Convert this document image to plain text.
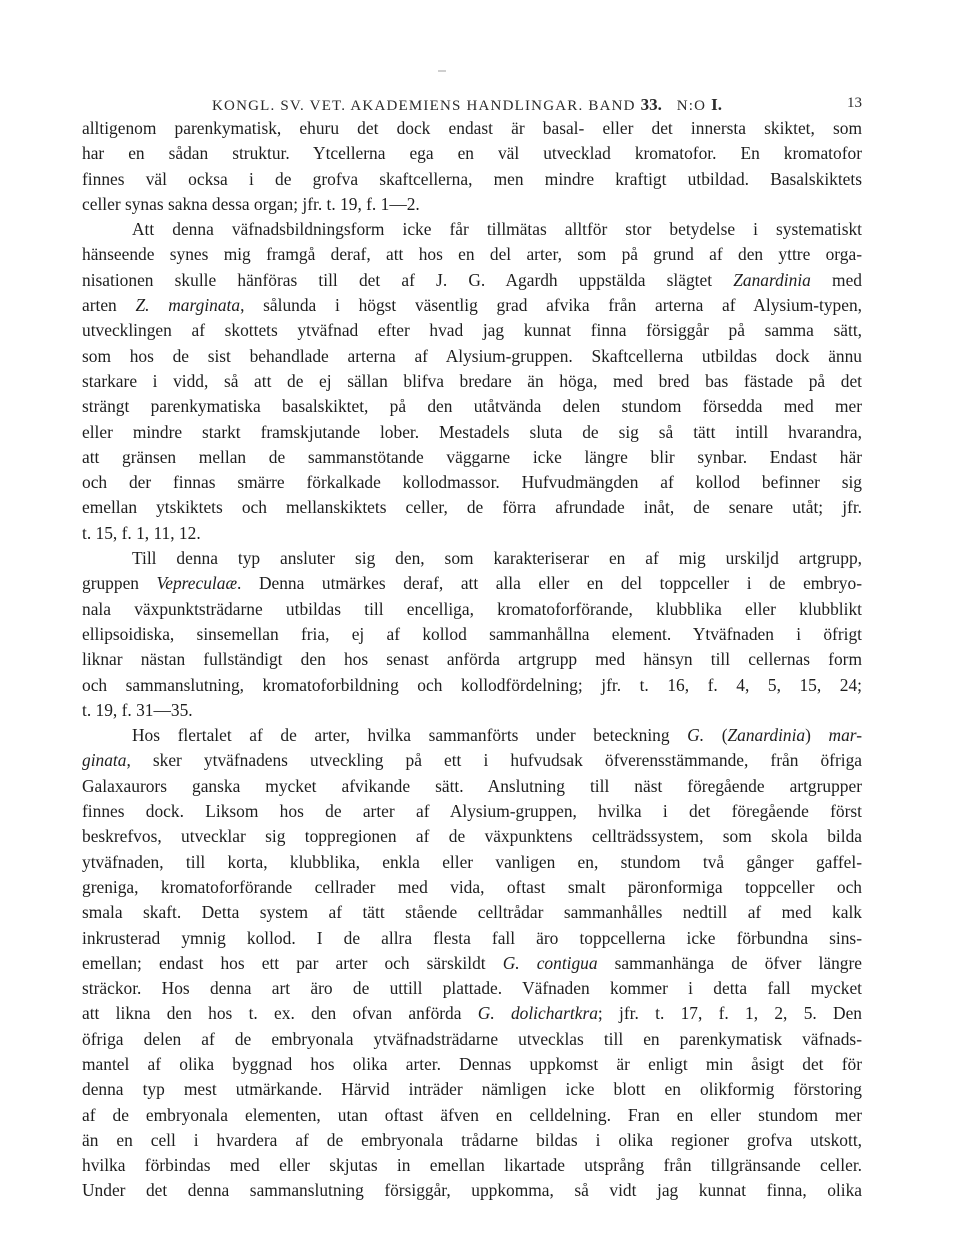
KONGL. SV. VET. AKADEMIENS HANDLINGAR. BAND 33. N:O I.	13
alltigenom parenkymatisk, ehuru det dock endast är basal- eller det innersta skiktet, som
har en sådan struktur. Ytcellerna ega en väl utvecklad kromatofor. En kromatofor
finnes väl ocksa i de grofva skaftcellerna, men mindre kraftigt utbildad. Basalskiktets
celler synas sakna dessa organ; jfr. t. 19, f. 1—2.
Att denna väfnadsbildningsform icke får tillmätas alltför stor betydelse i systematiskt
hänseende synes mig framgå deraf, att hos en del arter, som på grund af den yttre orga-
nisationen skulle hänföras till det af J. G. Agardh uppstälda slägtet Zanardinia med
arten Z. marginata, sålunda i högst väsentlig grad afvika från arterna af Alysium-typen,
utvecklingen af skottets ytväfnad efter hvad jag kunnat finna försiggår på samma sätt,
som hos de sist behandlade arterna af Alysium-gruppen. Skaftcellerna utbildas dock ännu
starkare i vidd, så att de ej sällan blifva bredare än höga, med bred bas fästade på det
strängt parenkymatiska basalskiktet, på den utåtvända delen stundom försedda med mer
eller mindre starkt framskjutande lober. Mestadels sluta de sig så tätt intill hvarandra,
att gränsen mellan de sammanstötande väggarne icke längre blir synbar. Endast här
och der finnas smärre förkalkade kollodmassor. Hufvudmängden af kollod befinner sig
emellan ytskiktets och mellanskiktets celler, de förra afrundade inåt, de senare utåt; jfr.
t. 15, f. 1, 11, 12.
Till denna typ ansluter sig den, som karakteriserar en af mig urskiljd artgrupp,
gruppen Vepreculaæ. Denna utmärkes deraf, att alla eller en del toppceller i de embryo-
nala växpunktsträdarne utbildas till encelliga, kromatoforförande, klubblika eller klubblikt
ellipsoidiska, sinsemellan fria, ej af kollod sammanhållna element. Ytväfnaden i öfrigt
liknar nästan fullständigt den hos senast anförda artgrupp med hänsyn till cellernas form
och sammanslutning, kromatoforbildning och kollodfördelning; jfr. t. 16, f. 4, 5, 15, 24;
t. 19, f. 31—35.
Hos flertalet af de arter, hvilka sammanförts under beteckning G. (Zanardinia) mar-
ginata, sker ytväfnadens utveckling på ett i hufvudsak öfverensstämmande, från öfriga
Galaxaurors ganska mycket afvikande sätt. Anslutning till näst föregående artgrupper
finnes dock. Liksom hos de arter af Alysium-gruppen, hvilka i det föregående först
beskrefvos, utvecklar sig toppregionen af de växpunktens cellträdssystem, som skola bilda
ytväfnaden, till korta, klubblika, enkla eller vanligen en, stundom två gånger gaffel-
greniga, kromatoforförande cellrader med vida, oftast smalt päronformiga toppceller och
smala skaft. Detta system af tätt stående celltrådar sammanhålles nedtill af med kalk
inkrusterad ymnig kollod. I de allra flesta fall äro toppcellerna icke förbundna sins-
emellan; endast hos ett par arter och särskildt G. contigua sammanhänga de öfver längre
sträckor. Hos denna art äro de uttill plattade. Väfnaden kommer i detta fall mycket
att likna den hos t. ex. den ofvan anförda G. dolichartkra; jfr. t. 17, f. 1, 2, 5. Den
öfriga delen af de embryonala ytväfnadsträdarne utvecklas till en parenkymatisk väfnads-
mantel af olika byggnad hos olika arter. Dennas uppkomst är enligt min åsigt det för
denna typ mest utmärkande. Härvid inträder nämligen icke blott en olikformig förstoring
af de embryonala elementen, utan oftast äfven en celldelning. Fran en eller stundom mer
än en cell i hvardera af de embryonala trådarne bildas i olika regioner grofva utskott,
hvilka förbindas med eller skjutas in emellan likartade utsprång från tillgränsande celler.
Under det denna sammanslutning försiggår, uppkomma, så vidt jag kunnat finna, olika
